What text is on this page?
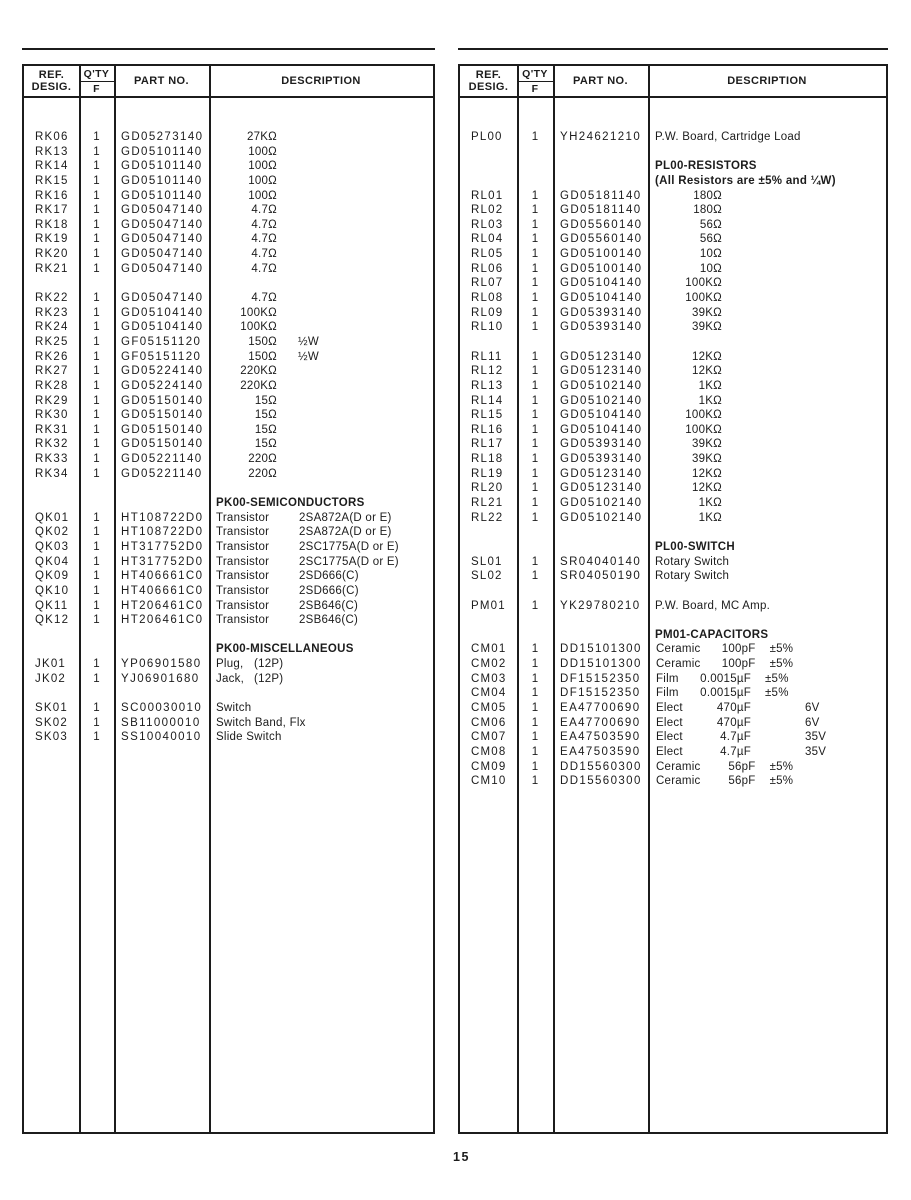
REF.
DESIG.
Q'TY
F
PART NO.	DESCRIPTION
RK06	1	GD05273140	27KΩ
RK13	1	GD05101140	100Ω
RK14	1	GD05101140	100Ω
RK15	1	GD05101140	100Ω
RK16	1	GD05101140	100Ω
RK17	1	GD05047140	4.7Ω
RK18	1	GD05047140	4.7Ω
RK19	1	GD05047140	4.7Ω
RK20	1	GD05047140	4.7Ω
RK21	1	GD05047140	4.7Ω
RK22	1	GD05047140	4.7Ω
RK23	1	GD05104140	100KΩ
RK24	1	GD05104140	100KΩ
RK25	1	GF05151120	150Ω ½W
RK26	1	GF05151120	150Ω ½W
RK27	1	GD05224140	220KΩ
RK28	1	GD05224140	220KΩ
RK29	1	GD05150140	15Ω
RK30	1	GD05150140	15Ω
RK31	1	GD05150140	15Ω
RK32	1	GD05150140	15Ω
RK33	1	GD05221140	220Ω
RK34	1	GD05221140	220Ω
PK00-SEMICONDUCTORS
QK01	1	HT108722D0	Transistor	2SA872A(D or E)
QK02	1	HT108722D0	Transistor	2SA872A(D or E)
QK03	1	HT317752D0	Transistor	2SC1775A(D or E)
QK04	1	HT317752D0	Transistor	2SC1775A(D or E)
QK09	1	HT406661C0	Transistor	2SD666(C)
QK10	1	HT406661C0	Transistor	2SD666(C)
QK11	1	HT206461C0	Transistor	2SB646(C)
QK12	1	HT206461C0	Transistor	2SB646(C)
PK00-MISCELLANEOUS
JK01	1	YP06901580	Plug, (12P)
JK02	1	YJ06901680	Jack, (12P)
SK01	1	SC00030010	Switch
SK02	1	SB11000010	Switch Band, Flx
SK03	1	SS10040010	Slide Switch
REF.
DESIG.
Q'TY
F
PART NO.	DESCRIPTION
PL00	1	YH24621210	P.W. Board, Cartridge Load
PL00-RESISTORS
(All Resistors are ±5% and ¼W)
RL01	1	GD05181140	180Ω
RL02	1	GD05181140	180Ω
RL03	1	GD05560140	56Ω
RL04	1	GD05560140	56Ω
RL05	1	GD05100140	10Ω
RL06	1	GD05100140	10Ω
RL07	1	GD05104140	100KΩ
RL08	1	GD05104140	100KΩ
RL09	1	GD05393140	39KΩ
RL10	1	GD05393140	39KΩ
RL11	1	GD05123140	12KΩ
RL12	1	GD05123140	12KΩ
RL13	1	GD05102140	1KΩ
RL14	1	GD05102140	1KΩ
RL15	1	GD05104140	100KΩ
RL16	1	GD05104140	100KΩ
RL17	1	GD05393140	39KΩ
RL18	1	GD05393140	39KΩ
RL19	1	GD05123140	12KΩ
RL20	1	GD05123140	12KΩ
RL21	1	GD05102140	1KΩ
RL22	1	GD05102140	1KΩ
PL00-SWITCH
SL01	1	SR04040140	Rotary Switch
SL02	1	SR04050190	Rotary Switch
PM01	1	YK29780210	P.W. Board, MC Amp.
PM01-CAPACITORS
CM01	1	DD15101300	Ceramic	100pF	±5%
CM02	1	DD15101300	Ceramic	100pF	±5%
CM03	1	DF15152350	Film	0.0015µF	±5%
CM04	1	DF15152350	Film	0.0015µF	±5%
CM05	1	EA47700690	Elect	470µF	6V
CM06	1	EA47700690	Elect	470µF	6V
CM07	1	EA47503590	Elect	4.7µF	35V
CM08	1	EA47503590	Elect	4.7µF	35V
CM09	1	DD15560300	Ceramic	56pF	±5%
CM10	1	DD15560300	Ceramic	56pF	±5%
15
